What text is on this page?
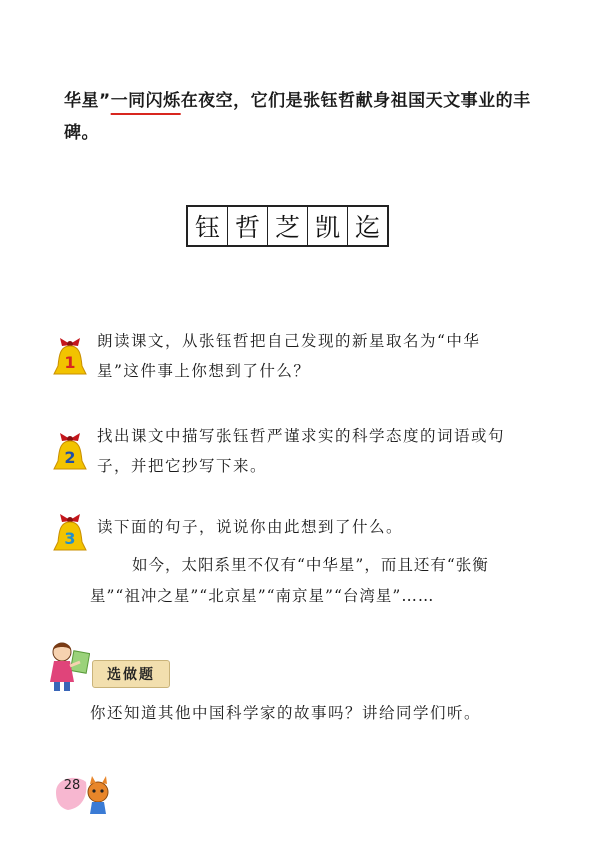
华星”一同闪烁在夜空，它们是张钰哲献身祖国天文事业的丰碑。
钰 哲 芝 凯 迄
1
朗读课文，从张钰哲把自己发现的新星取名为“中华星”这件事上你想到了什么？
2
找出课文中描写张钰哲严谨求实的科学态度的词语或句子，并把它抄写下来。
3
读下面的句子，说说你由此想到了什么。
如今，太阳系里不仅有“中华星”，而且还有“张衡星”“祖冲之星”“北京星”“南京星”“台湾星”……
选做题
你还知道其他中国科学家的故事吗？讲给同学们听。
28
